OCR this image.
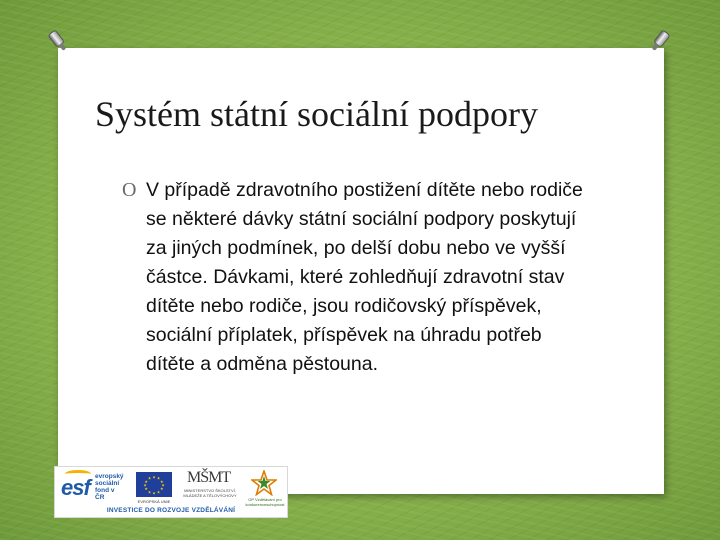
Systém státní sociální podpory
O V případě zdravotního postižení dítěte nebo rodiče se některé dávky státní sociální podpory poskytují za jiných podmínek, po delší dobu nebo ve vyšší částce. Dávkami, které zohledňují zdravotní stav dítěte nebo rodiče, jsou rodičovský příspěvek, sociální příplatek, příspěvek na úhradu potřeb dítěte a odměna pěstouna.

esf evropský sociální fond v ČR
★ ★
★
★
★
★
★
★
★
★
★
★
EVROPSKÁ UNIE
MŠMT
MINISTERSTVO ŠKOLSTVÍ, MLÁDEŽE A TĚLOVÝCHOVY
OP Vzdělávání pro konkurenceschopnost
INVESTICE DO ROZVOJE VZDĚLÁVÁNÍ
